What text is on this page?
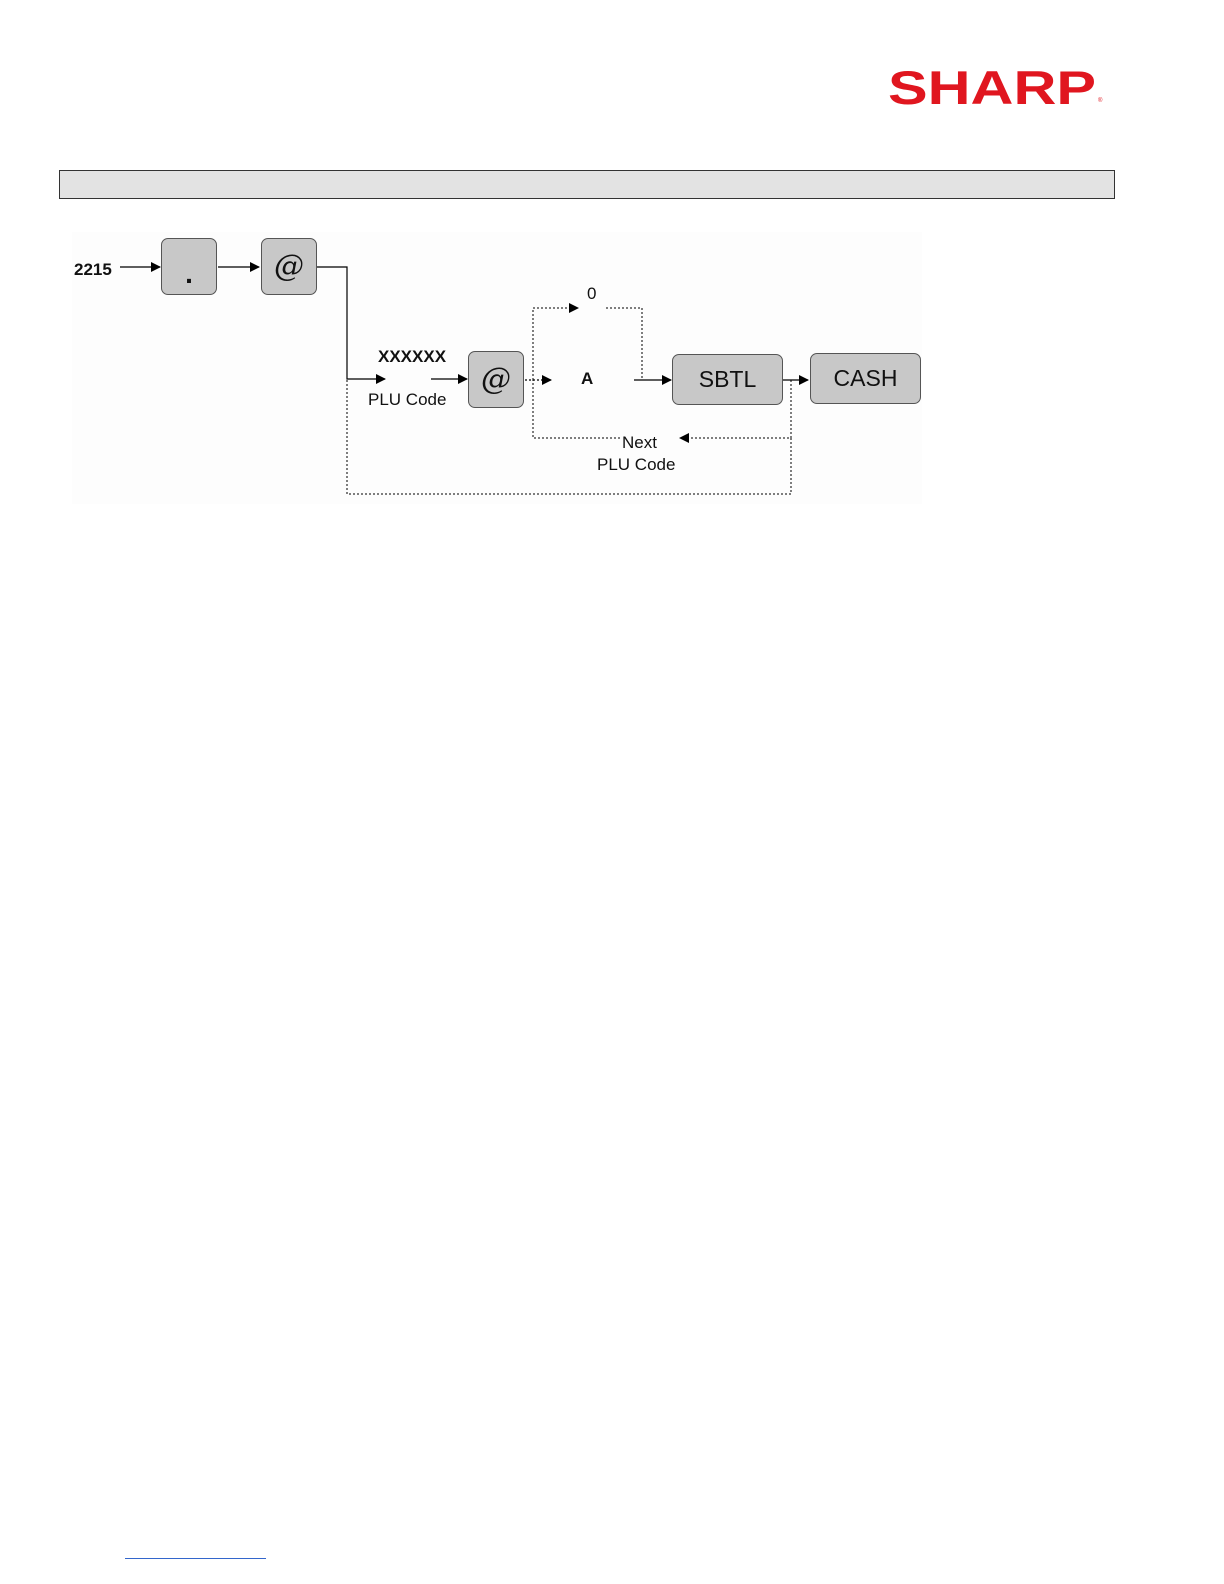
SHARP ®
2215	.	@
XXXXXX
PLU Code
@
0
A	SBTL	CASH
Next
PLU Code
